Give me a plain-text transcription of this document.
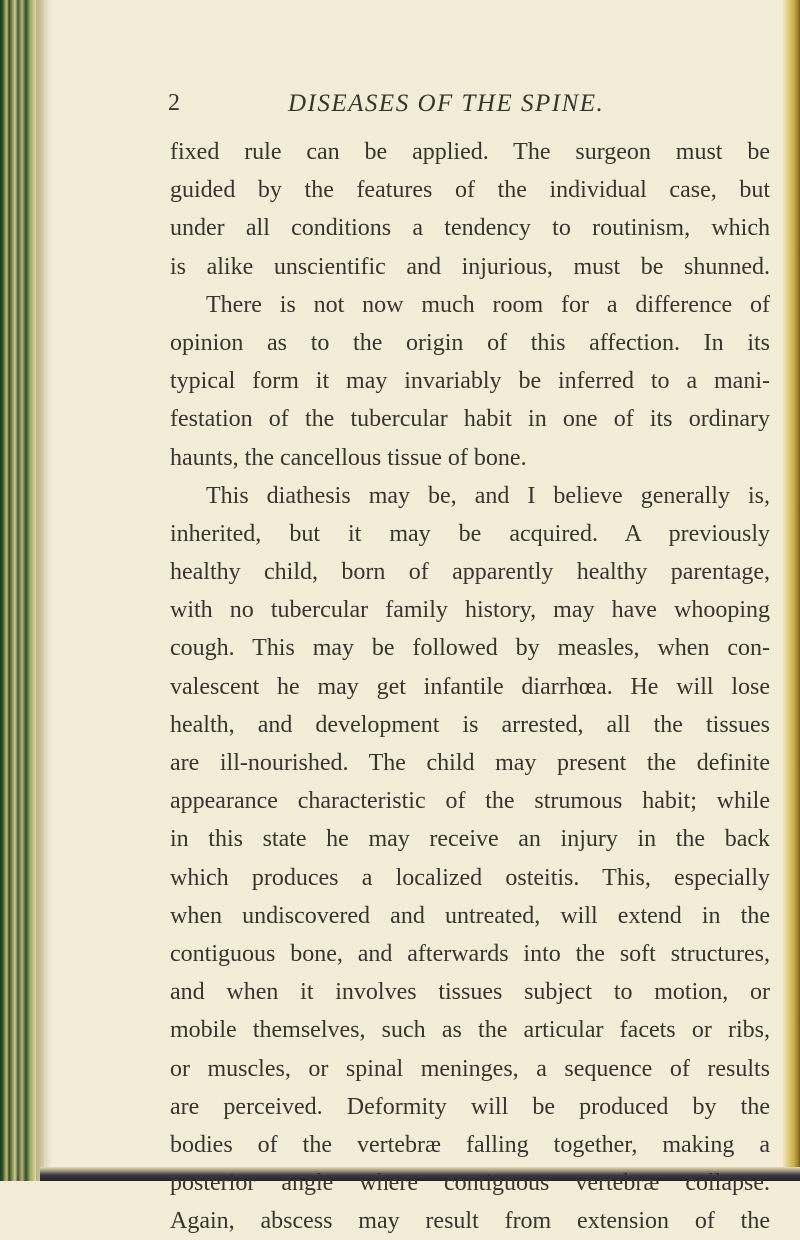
2	DISEASES OF THE SPINE.
fixed rule can be applied. The surgeon must be
guided by the features of the individual case, but
under all conditions a tendency to routinism, which
is alike unscientific and injurious, must be shunned.
There is not now much room for a difference of
opinion as to the origin of this affection. In its
typical form it may invariably be inferred to a mani-
festation of the tubercular habit in one of its ordinary
haunts, the cancellous tissue of bone.
This diathesis may be, and I believe generally is,
inherited, but it may be acquired. A previously
healthy child, born of apparently healthy parentage,
with no tubercular family history, may have whooping
cough. This may be followed by measles, when con-
valescent he may get infantile diarrhœa. He will lose
health, and development is arrested, all the tissues
are ill-nourished. The child may present the definite
appearance characteristic of the strumous habit; while
in this state he may receive an injury in the back
which produces a localized osteitis. This, especially
when undiscovered and untreated, will extend in the
contiguous bone, and afterwards into the soft structures,
and when it involves tissues subject to motion, or
mobile themselves, such as the articular facets or ribs,
or muscles, or spinal meninges, a sequence of results
are perceived. Deformity will be produced by the
bodies of the vertebræ falling together, making a
posterior angle where contiguous vertebræ collapse.
Again, abscess may result from extension of the
